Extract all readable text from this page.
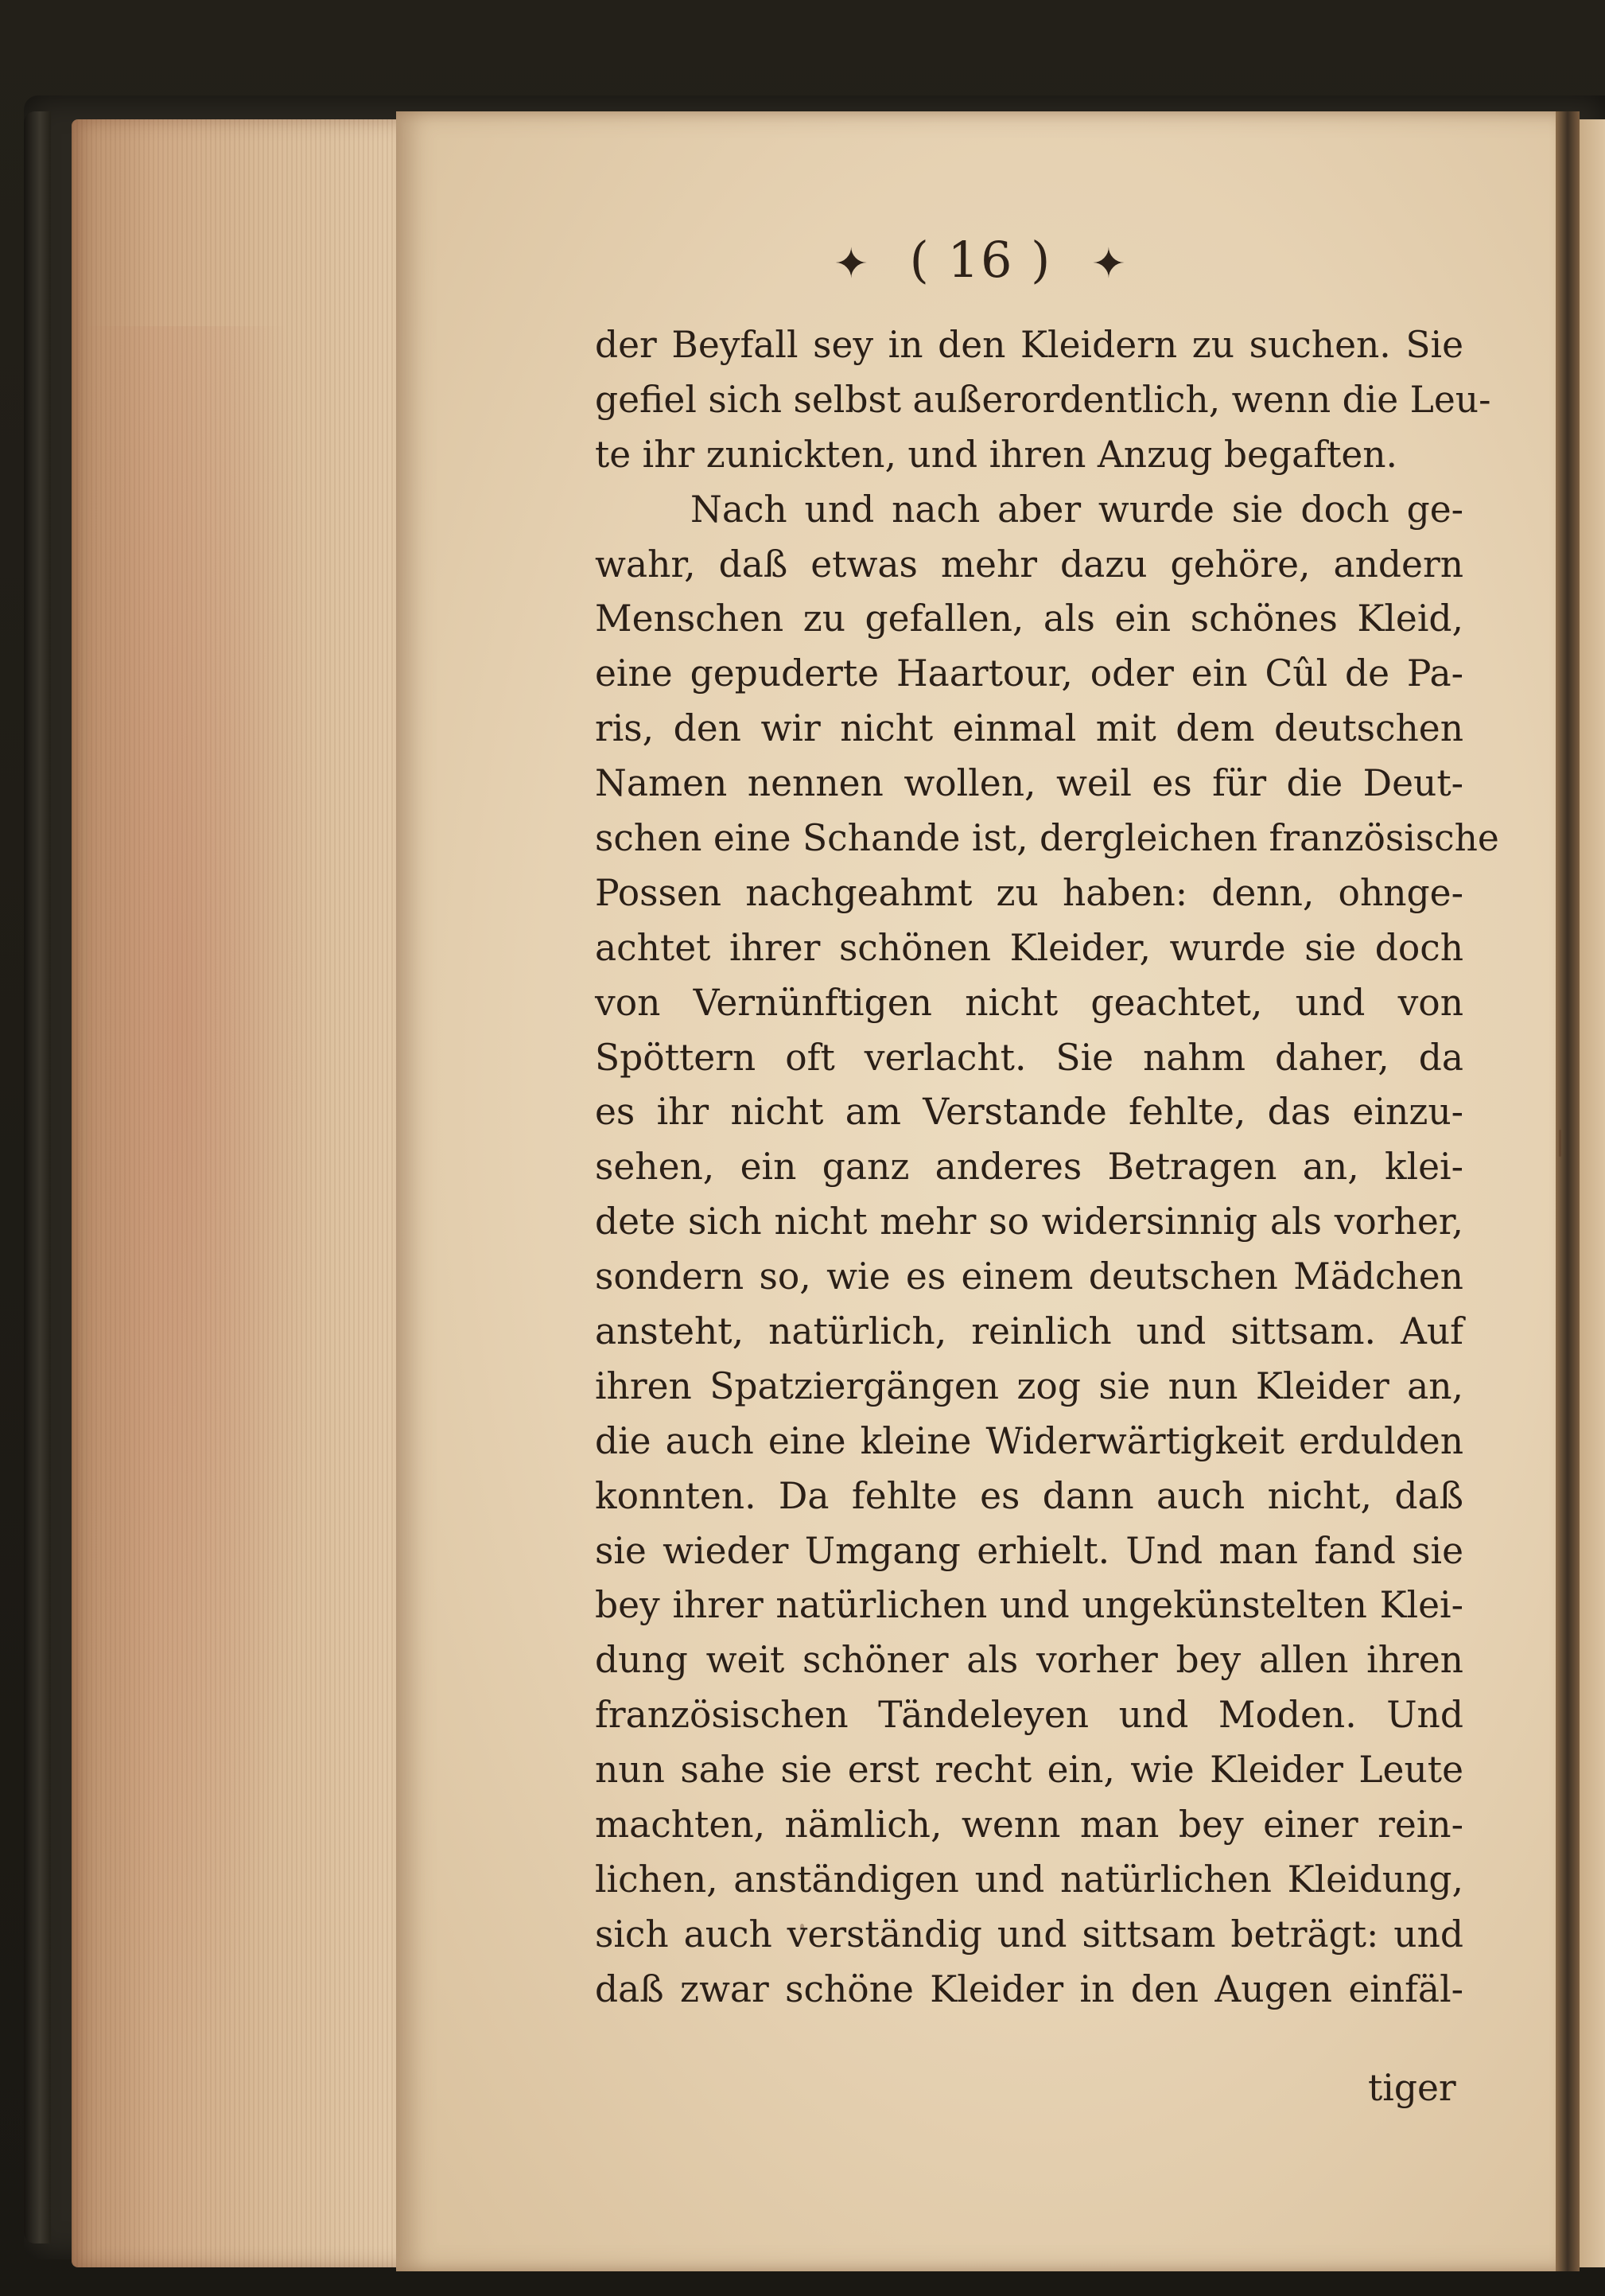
✦ ( 16 ) ✦
der Beyfall sey in den Kleidern zu suchen. Sie
gefiel sich selbst außerordentlich, wenn die Leu-
te ihr zunickten, und ihren Anzug begaften.
Nach und nach aber wurde sie doch ge-
wahr, daß etwas mehr dazu gehöre, andern
Menschen zu gefallen, als ein schönes Kleid,
eine gepuderte Haartour, oder ein Cûl de Pa-
ris, den wir nicht einmal mit dem deutschen
Namen nennen wollen, weil es für die Deut-
schen eine Schande ist, dergleichen französische
Possen nachgeahmt zu haben: denn, ohnge-
achtet ihrer schönen Kleider, wurde sie doch
von Vernünftigen nicht geachtet, und von
Spöttern oft verlacht. Sie nahm daher, da
es ihr nicht am Verstande fehlte, das einzu-
sehen, ein ganz anderes Betragen an, klei-
dete sich nicht mehr so widersinnig als vorher,
sondern so, wie es einem deutschen Mädchen
ansteht, natürlich, reinlich und sittsam. Auf
ihren Spatziergängen zog sie nun Kleider an,
die auch eine kleine Widerwärtigkeit erdulden
konnten. Da fehlte es dann auch nicht, daß
sie wieder Umgang erhielt. Und man fand sie
bey ihrer natürlichen und ungekünstelten Klei-
dung weit schöner als vorher bey allen ihren
französischen Tändeleyen und Moden. Und
nun sahe sie erst recht ein, wie Kleider Leute
machten, nämlich, wenn man bey einer rein-
lichen, anständigen und natürlichen Kleidung,
sich auch verständig und sittsam beträgt: und
daß zwar schöne Kleider in den Augen einfäl-
tiger
